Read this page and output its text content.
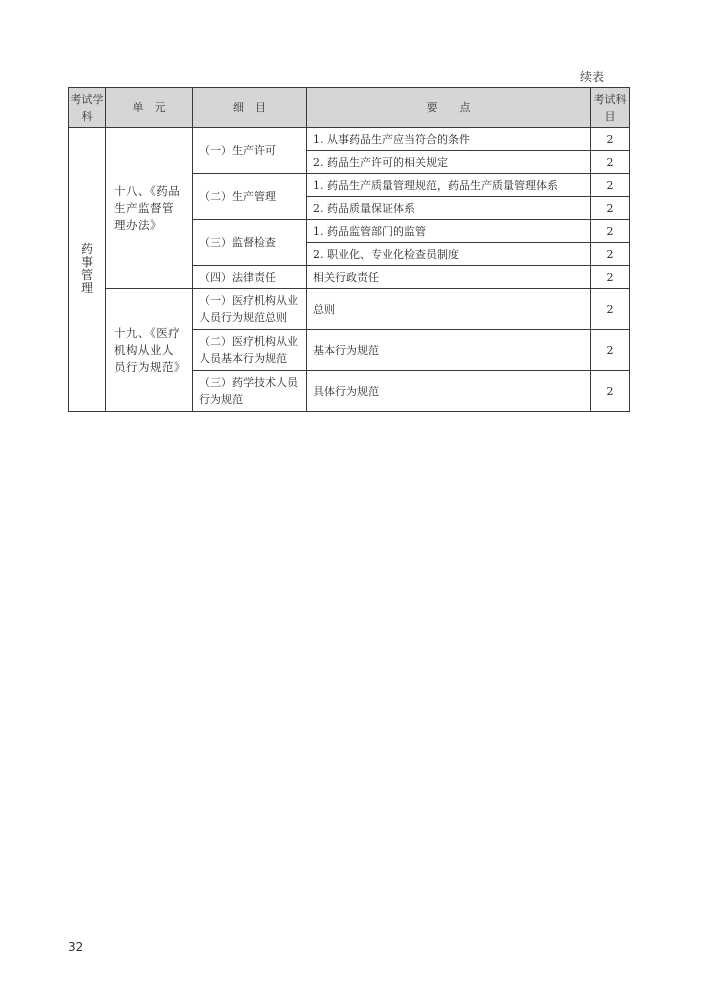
续表
考试学科	单　元	细　目	要　　点	考试科目
药事管理	十八、《药品生产监督管理办法》	（一）生产许可	1. 从事药品生产应当符合的条件	2
			2. 药品生产许可的相关规定	2
		（二）生产管理	1. 药品生产质量管理规范，药品生产质量管理体系	2
			2. 药品质量保证体系	2
		（三）监督检查	1. 药品监管部门的监管	2
			2. 职业化、专业化检查员制度	2
		（四）法律责任	相关行政责任	2
	十九、《医疗机构从业人员行为规范》	（一）医疗机构从业人员行为规范总则	总则	2
		（二）医疗机构从业人员基本行为规范	基本行为规范	2
		（三）药学技术人员行为规范	具体行为规范	2
32
